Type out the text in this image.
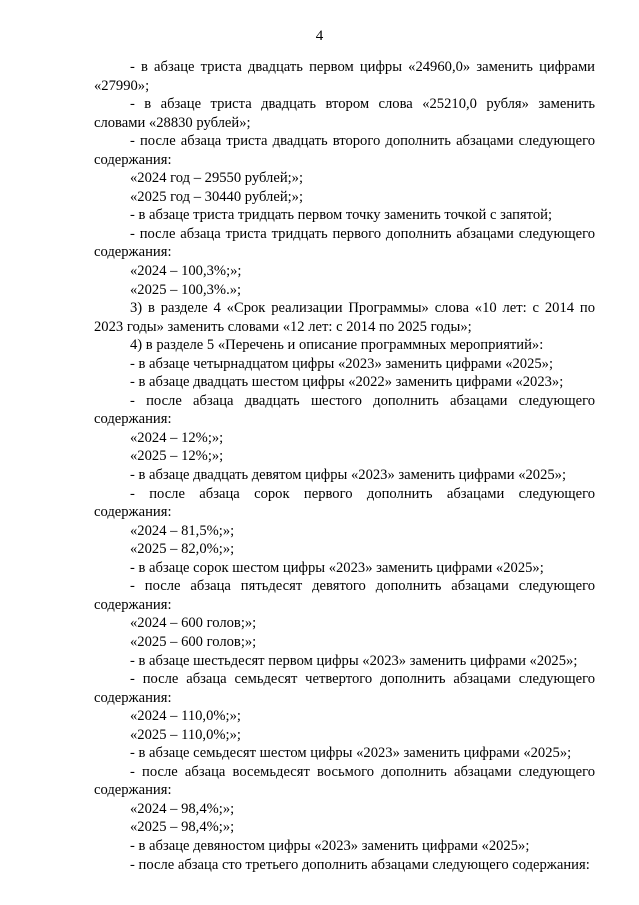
4

- в абзаце триста двадцать первом цифры «24960,0» заменить цифрами «27990»;

- в абзаце триста двадцать втором слова «25210,0 рубля» заменить словами «28830 рублей»;

- после абзаца триста двадцать второго дополнить абзацами следующего содержания:

«2024 год – 29550 рублей;»;

«2025 год – 30440 рублей;»;

- в абзаце триста тридцать первом точку заменить точкой с запятой;

- после абзаца триста тридцать первого дополнить абзацами следующего содержания:

«2024 – 100,3%;»;

«2025 – 100,3%.»;

3) в разделе 4 «Срок реализации Программы» слова «10 лет: с 2014 по 2023 годы» заменить словами «12 лет: с 2014 по 2025 годы»;

4) в разделе 5 «Перечень и описание программных мероприятий»:

- в абзаце четырнадцатом цифры «2023» заменить цифрами «2025»;

- в абзаце двадцать шестом цифры «2022» заменить цифрами «2023»;

- после абзаца двадцать шестого дополнить абзацами следующего содержания:

«2024 – 12%;»;

«2025 – 12%;»;

- в абзаце двадцать девятом цифры «2023» заменить цифрами «2025»;

- после абзаца сорок первого дополнить абзацами следующего содержания:

«2024 – 81,5%;»;

«2025 – 82,0%;»;

- в абзаце сорок шестом цифры «2023» заменить цифрами «2025»;

- после абзаца пятьдесят девятого дополнить абзацами следующего содержания:

«2024 – 600 голов;»;

«2025 – 600 голов;»;

- в абзаце шестьдесят первом цифры «2023» заменить цифрами «2025»;

- после абзаца семьдесят четвертого дополнить абзацами следующего содержания:

«2024 – 110,0%;»;

«2025 – 110,0%;»;

- в абзаце семьдесят шестом цифры «2023» заменить цифрами «2025»;

- после абзаца восемьдесят восьмого дополнить абзацами следующего содержания:

«2024 – 98,4%;»;

«2025 – 98,4%;»;

- в абзаце девяностом цифры «2023» заменить цифрами «2025»;

- после абзаца сто третьего дополнить абзацами следующего содержания:
